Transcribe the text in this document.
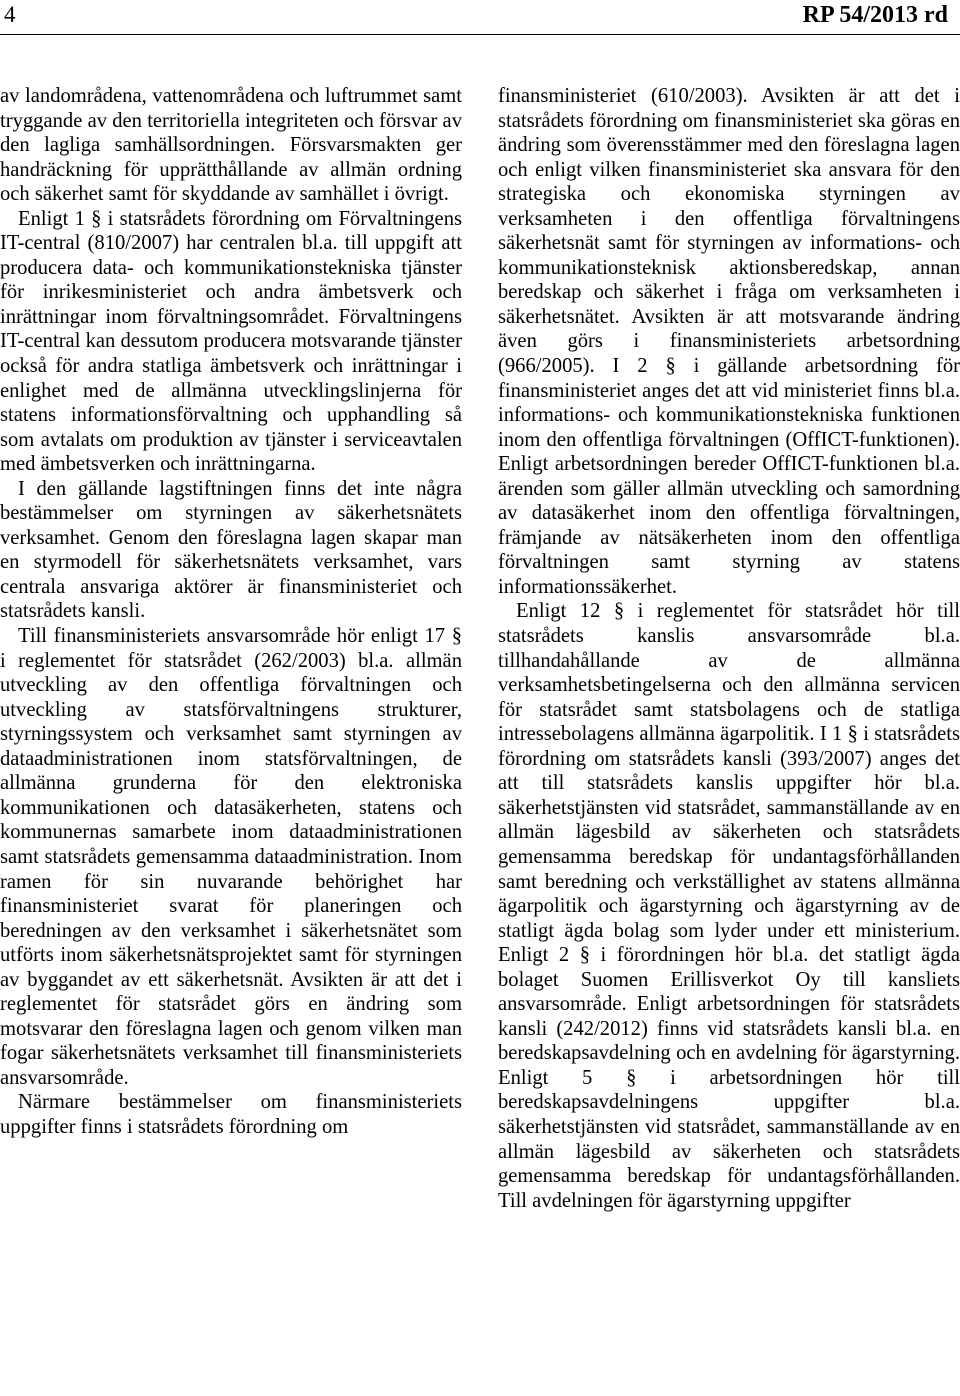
4	RP 54/2013 rd

av landområdena, vattenområdena och luftrummet samt tryggande av den territoriella integriteten och försvar av den lagliga samhällsordningen. Försvarsmakten ger handräckning för upprätthållande av allmän ordning och säkerhet samt för skyddande av samhället i övrigt.

Enligt 1 § i statsrådets förordning om Förvaltningens IT-central (810/2007) har centralen bl.a. till uppgift att producera data- och kommunikationstekniska tjänster för inrikesministeriet och andra ämbetsverk och inrättningar inom förvaltningsområdet. Förvaltningens IT-central kan dessutom producera motsvarande tjänster också för andra statliga ämbetsverk och inrättningar i enlighet med de allmänna utvecklingslinjerna för statens informationsförvaltning och upphandling så som avtalats om produktion av tjänster i serviceavtalen med ämbetsverken och inrättningarna.

I den gällande lagstiftningen finns det inte några bestämmelser om styrningen av säkerhetsnätets verksamhet. Genom den föreslagna lagen skapar man en styrmodell för säkerhetsnätets verksamhet, vars centrala ansvariga aktörer är finansministeriet och statsrådets kansli.

Till finansministeriets ansvarsområde hör enligt 17 § i reglementet för statsrådet (262/2003) bl.a. allmän utveckling av den offentliga förvaltningen och utveckling av statsförvaltningens strukturer, styrningssystem och verksamhet samt styrningen av dataadministrationen inom statsförvaltningen, de allmänna grunderna för den elektroniska kommunikationen och datasäkerheten, statens och kommunernas samarbete inom dataadministrationen samt statsrådets gemensamma dataadministration. Inom ramen för sin nuvarande behörighet har finansministeriet svarat för planeringen och beredningen av den verksamhet i säkerhetsnätet som utförts inom säkerhetsnätsprojektet samt för styrningen av byggandet av ett säkerhetsnät. Avsikten är att det i reglementet för statsrådet görs en ändring som motsvarar den föreslagna lagen och genom vilken man fogar säkerhetsnätets verksamhet till finansministeriets ansvarsområde.

Närmare bestämmelser om finansministeriets uppgifter finns i statsrådets förordning om

finansministeriet (610/2003). Avsikten är att det i statsrådets förordning om finansministeriet ska göras en ändring som överensstämmer med den föreslagna lagen och enligt vilken finansministeriet ska ansvara för den strategiska och ekonomiska styrningen av verksamheten i den offentliga förvaltningens säkerhetsnät samt för styrningen av informations- och kommunikationsteknisk aktionsberedskap, annan beredskap och säkerhet i fråga om verksamheten i säkerhetsnätet. Avsikten är att motsvarande ändring även görs i finansministeriets arbetsordning (966/2005). I 2 § i gällande arbetsordning för finansministeriet anges det att vid ministeriet finns bl.a. informations- och kommunikationstekniska funktionen inom den offentliga förvaltningen (OffICT-funktionen). Enligt arbetsordningen bereder OffICT-funktionen bl.a. ärenden som gäller allmän utveckling och samordning av datasäkerhet inom den offentliga förvaltningen, främjande av nätsäkerheten inom den offentliga förvaltningen samt styrning av statens informationssäkerhet.

Enligt 12 § i reglementet för statsrådet hör till statsrådets kanslis ansvarsområde bl.a. tillhandahållande av de allmänna verksamhetsbetingelserna och den allmänna servicen för statsrådet samt statsbolagens och de statliga intressebolagens allmänna ägarpolitik. I 1 § i statsrådets förordning om statsrådets kansli (393/2007) anges det att till statsrådets kanslis uppgifter hör bl.a. säkerhetstjänsten vid statsrådet, sammanställande av en allmän lägesbild av säkerheten och statsrådets gemensamma beredskap för undantagsförhållanden samt beredning och verkställighet av statens allmänna ägarpolitik och ägarstyrning och ägarstyrning av de statligt ägda bolag som lyder under ett ministerium. Enligt 2 § i förordningen hör bl.a. det statligt ägda bolaget Suomen Erillisverkot Oy till kansliets ansvarsområde. Enligt arbetsordningen för statsrådets kansli (242/2012) finns vid statsrådets kansli bl.a. en beredskapsavdelning och en avdelning för ägarstyrning. Enligt 5 § i arbetsordningen hör till beredskapsavdelningens uppgifter bl.a. säkerhetstjänsten vid statsrådet, sammanställande av en allmän lägesbild av säkerheten och statsrådets gemensamma beredskap för undantagsförhållanden. Till avdelningen för ägarstyrning uppgifter
